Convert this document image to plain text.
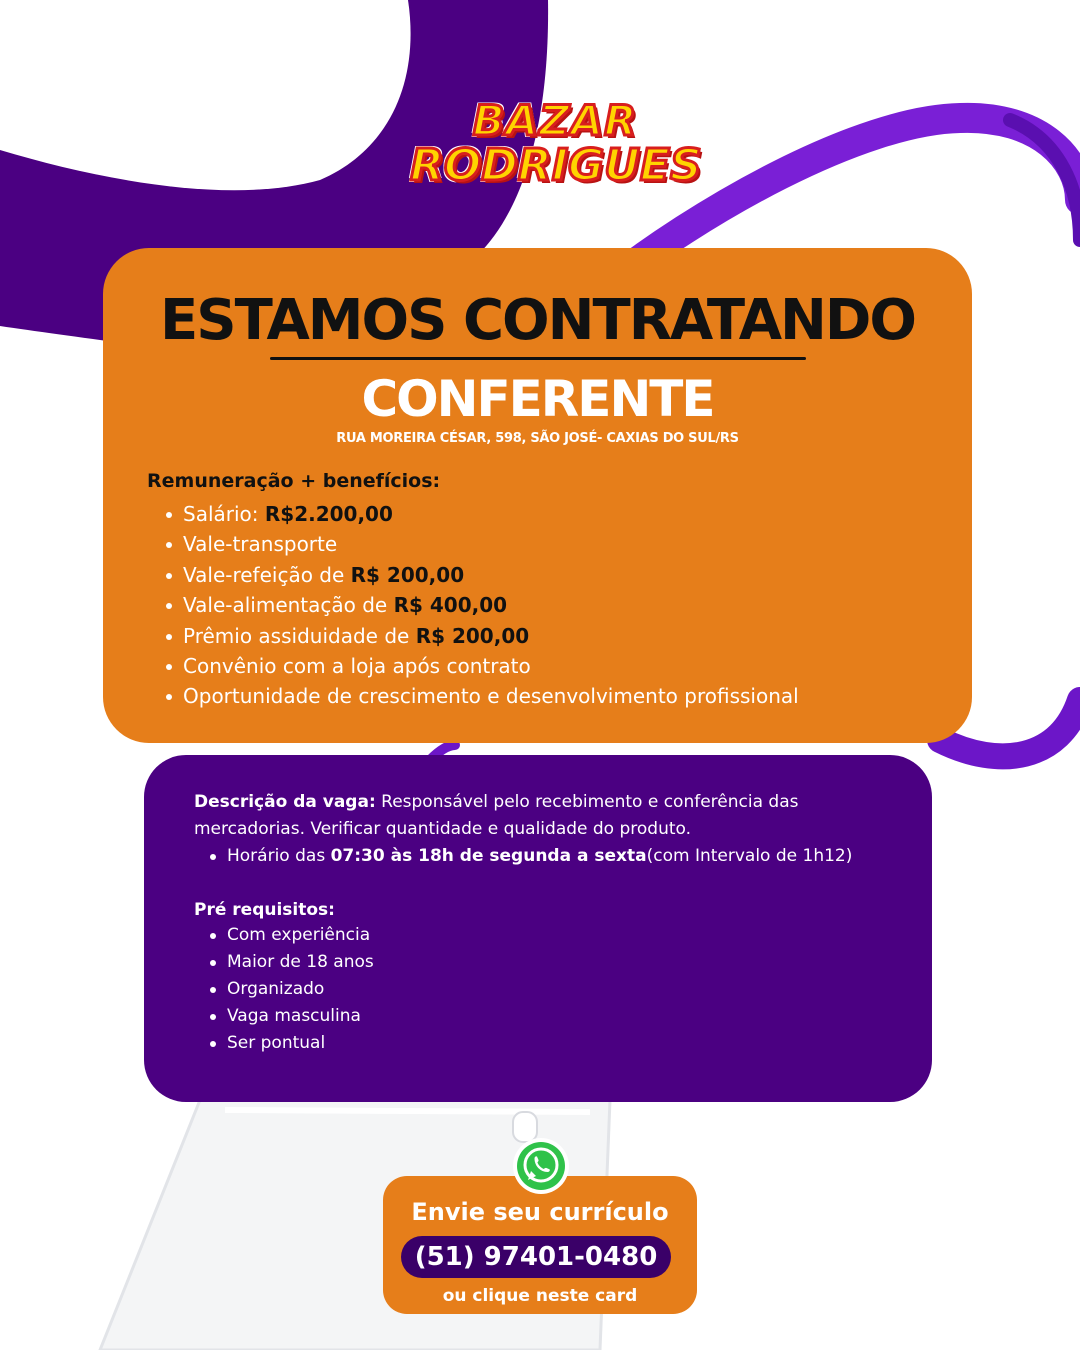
BAZAR
RODRIGUES
ESTAMOS CONTRATANDO
CONFERENTE
RUA MOREIRA CÉSAR, 598, SÃO JOSÉ- CAXIAS DO SUL/RS
Remuneração + benefícios:
Salário: R$2.200,00
Vale-transporte
Vale-refeição de R$ 200,00
Vale-alimentação de R$ 400,00
Prêmio assiduidade de R$ 200,00
Convênio com a loja após contrato
Oportunidade de crescimento e desenvolvimento profissional

Descrição da vaga: Responsável pelo recebimento e conferência das mercadorias. Verificar quantidade e qualidade do produto.

Horário das 07:30 às 18h de segunda a sexta(com Intervalo de 1h12)
Pré requisitos:
Com experiência
Maior de 18 anos
Organizado
Vaga masculina
Ser pontual
Envie seu currículo
(51) 97401-0480
ou clique neste card
